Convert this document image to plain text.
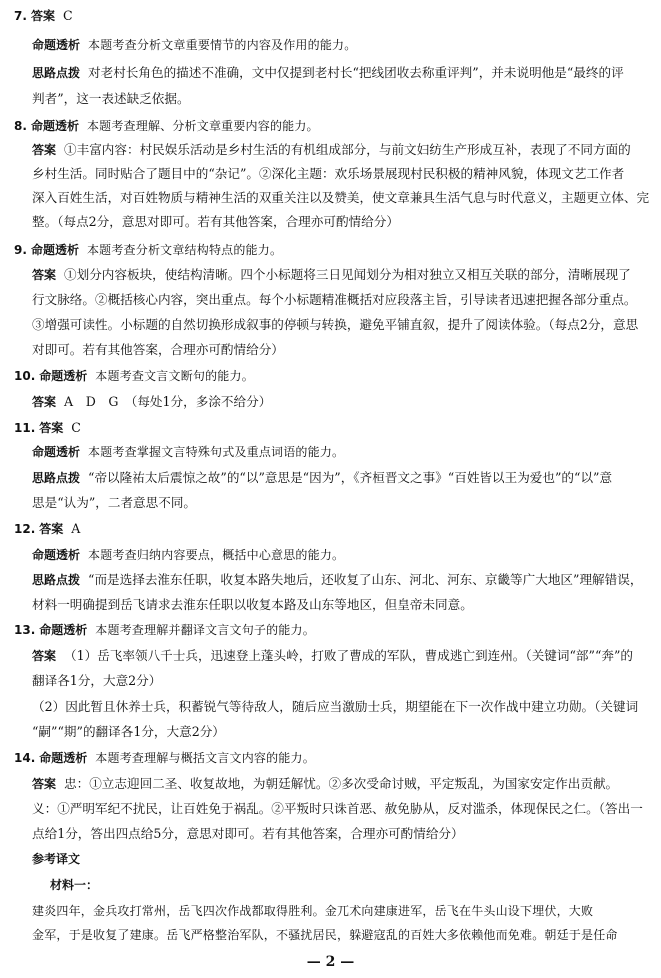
7. 答案 C
命题透析 本题考查分析文章重要情节的内容及作用的能力。
思路点拨 对老村长角色的描述不准确，文中仅提到老村长“把线团收去称重评判”，并未说明他是“最终的评
判者”，这一表述缺乏依据。
8. 命题透析 本题考查理解、分析文章重要内容的能力。
答案 ①丰富内容：村民娱乐活动是乡村生活的有机组成部分，与前文妇纺生产形成互补，表现了不同方面的
乡村生活。同时贴合了题目中的“杂记”。②深化主题：欢乐场景展现村民积极的精神风貌，体现文艺工作者
深入百姓生活，对百姓物质与精神生活的双重关注以及赞美，使文章兼具生活气息与时代意义，主题更立体、完
整。（每点2分，意思对即可。若有其他答案，合理亦可酌情给分）
9. 命题透析 本题考查分析文章结构特点的能力。
答案 ①划分内容板块，使结构清晰。四个小标题将三日见闻划分为相对独立又相互关联的部分，清晰展现了
行文脉络。②概括核心内容，突出重点。每个小标题精准概括对应段落主旨，引导读者迅速把握各部分重点。
③增强可读性。小标题的自然切换形成叙事的停顿与转换，避免平铺直叙，提升了阅读体验。（每点2分，意思
对即可。若有其他答案，合理亦可酌情给分）
10. 命题透析 本题考查文言文断句的能力。
答案 A　D　G　（每处1分，多涂不给分）
11. 答案 C
命题透析 本题考查掌握文言特殊句式及重点词语的能力。
思路点拨 “帝以隆祐太后震惊之故”的“以”意思是“因为”，《齐桓晋文之事》“百姓皆以王为爱也”的“以”意
思是“认为”，二者意思不同。
12. 答案 A
命题透析 本题考查归纳内容要点，概括中心意思的能力。
思路点拨 “而是选择去淮东任职，收复本路失地后，还收复了山东、河北、河东、京畿等广大地区”理解错误，
材料一明确提到岳飞请求去淮东任职以收复本路及山东等地区，但皇帝未同意。
13. 命题透析 本题考查理解并翻译文言文句子的能力。
答案 （1）岳飞率领八千士兵，迅速登上蓬头岭，打败了曹成的军队，曹成逃亡到连州。（关键词“部”“奔”的
翻译各1分，大意2分）
（2）因此暂且休养士兵，积蓄锐气等待敌人，随后应当激励士兵，期望能在下一次作战中建立功勋。（关键词
“嗣”“期”的翻译各1分，大意2分）
14. 命题透析 本题考查理解与概括文言文内容的能力。
答案 忠：①立志迎回二圣、收复故地，为朝廷解忧。②多次受命讨贼，平定叛乱，为国家安定作出贡献。
义：①严明军纪不扰民，让百姓免于祸乱。②平叛时只诛首恶、赦免胁从，反对滥杀，体现保民之仁。（答出一
点给1分，答出四点给5分，意思对即可。若有其他答案，合理亦可酌情给分）
参考译文
材料一：
建炎四年，金兵攻打常州，岳飞四次作战都取得胜利。金兀术向建康进军，岳飞在牛头山设下埋伏，大败
金军，于是收复了建康。岳飞严格整治军队，不骚扰居民，躲避寇乱的百姓大多依赖他而免难。朝廷于是任命
— 2 —
